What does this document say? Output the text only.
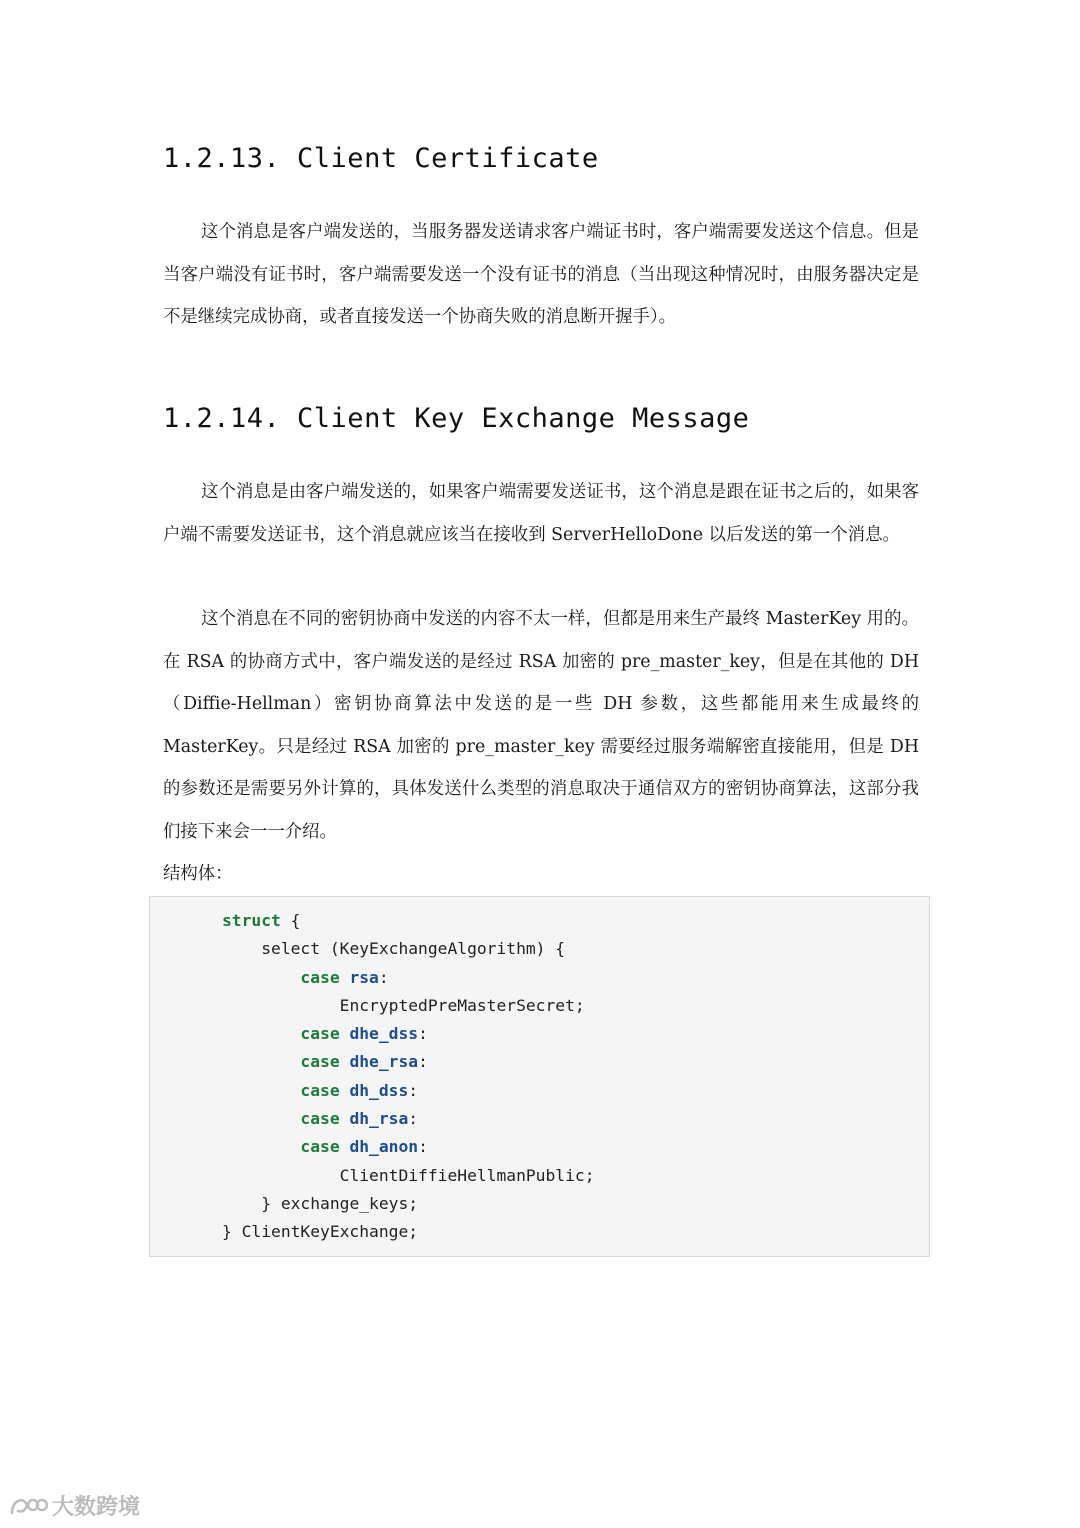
1.2.13. Client Certificate

这个消息是客户端发送的，当服务器发送请求客户端证书时，客户端需要发送这个信息。但是当客户端没有证书时，客户端需要发送一个没有证书的消息（当出现这种情况时，由服务器决定是不是继续完成协商，或者直接发送一个协商失败的消息断开握手）。

1.2.14. Client Key Exchange Message

这个消息是由客户端发送的，如果客户端需要发送证书，这个消息是跟在证书之后的，如果客户端不需要发送证书，这个消息就应该当在接收到 ServerHelloDone 以后发送的第一个消息。

这个消息在不同的密钥协商中发送的内容不太一样，但都是用来生产最终 MasterKey 用的。在 RSA 的协商方式中，客户端发送的是经过 RSA 加密的 pre_master_key，但是在其他的 DH（Diffie-Hellman）密钥协商算法中发送的是一些 DH 参数，这些都能用来生成最终的 MasterKey。只是经过 RSA 加密的 pre_master_key 需要经过服务端解密直接能用，但是 DH 的参数还是需要另外计算的，具体发送什么类型的消息取决于通信双方的密钥协商算法，这部分我们接下来会一一介绍。

结构体：

struct {
select (KeyExchangeAlgorithm) {
case rsa:
EncryptedPreMasterSecret;
case dhe_dss:
case dhe_rsa:
case dh_dss:
case dh_rsa:
case dh_anon:
ClientDiffieHellmanPublic;
} exchange_keys;
} ClientKeyExchange;
大数跨境
